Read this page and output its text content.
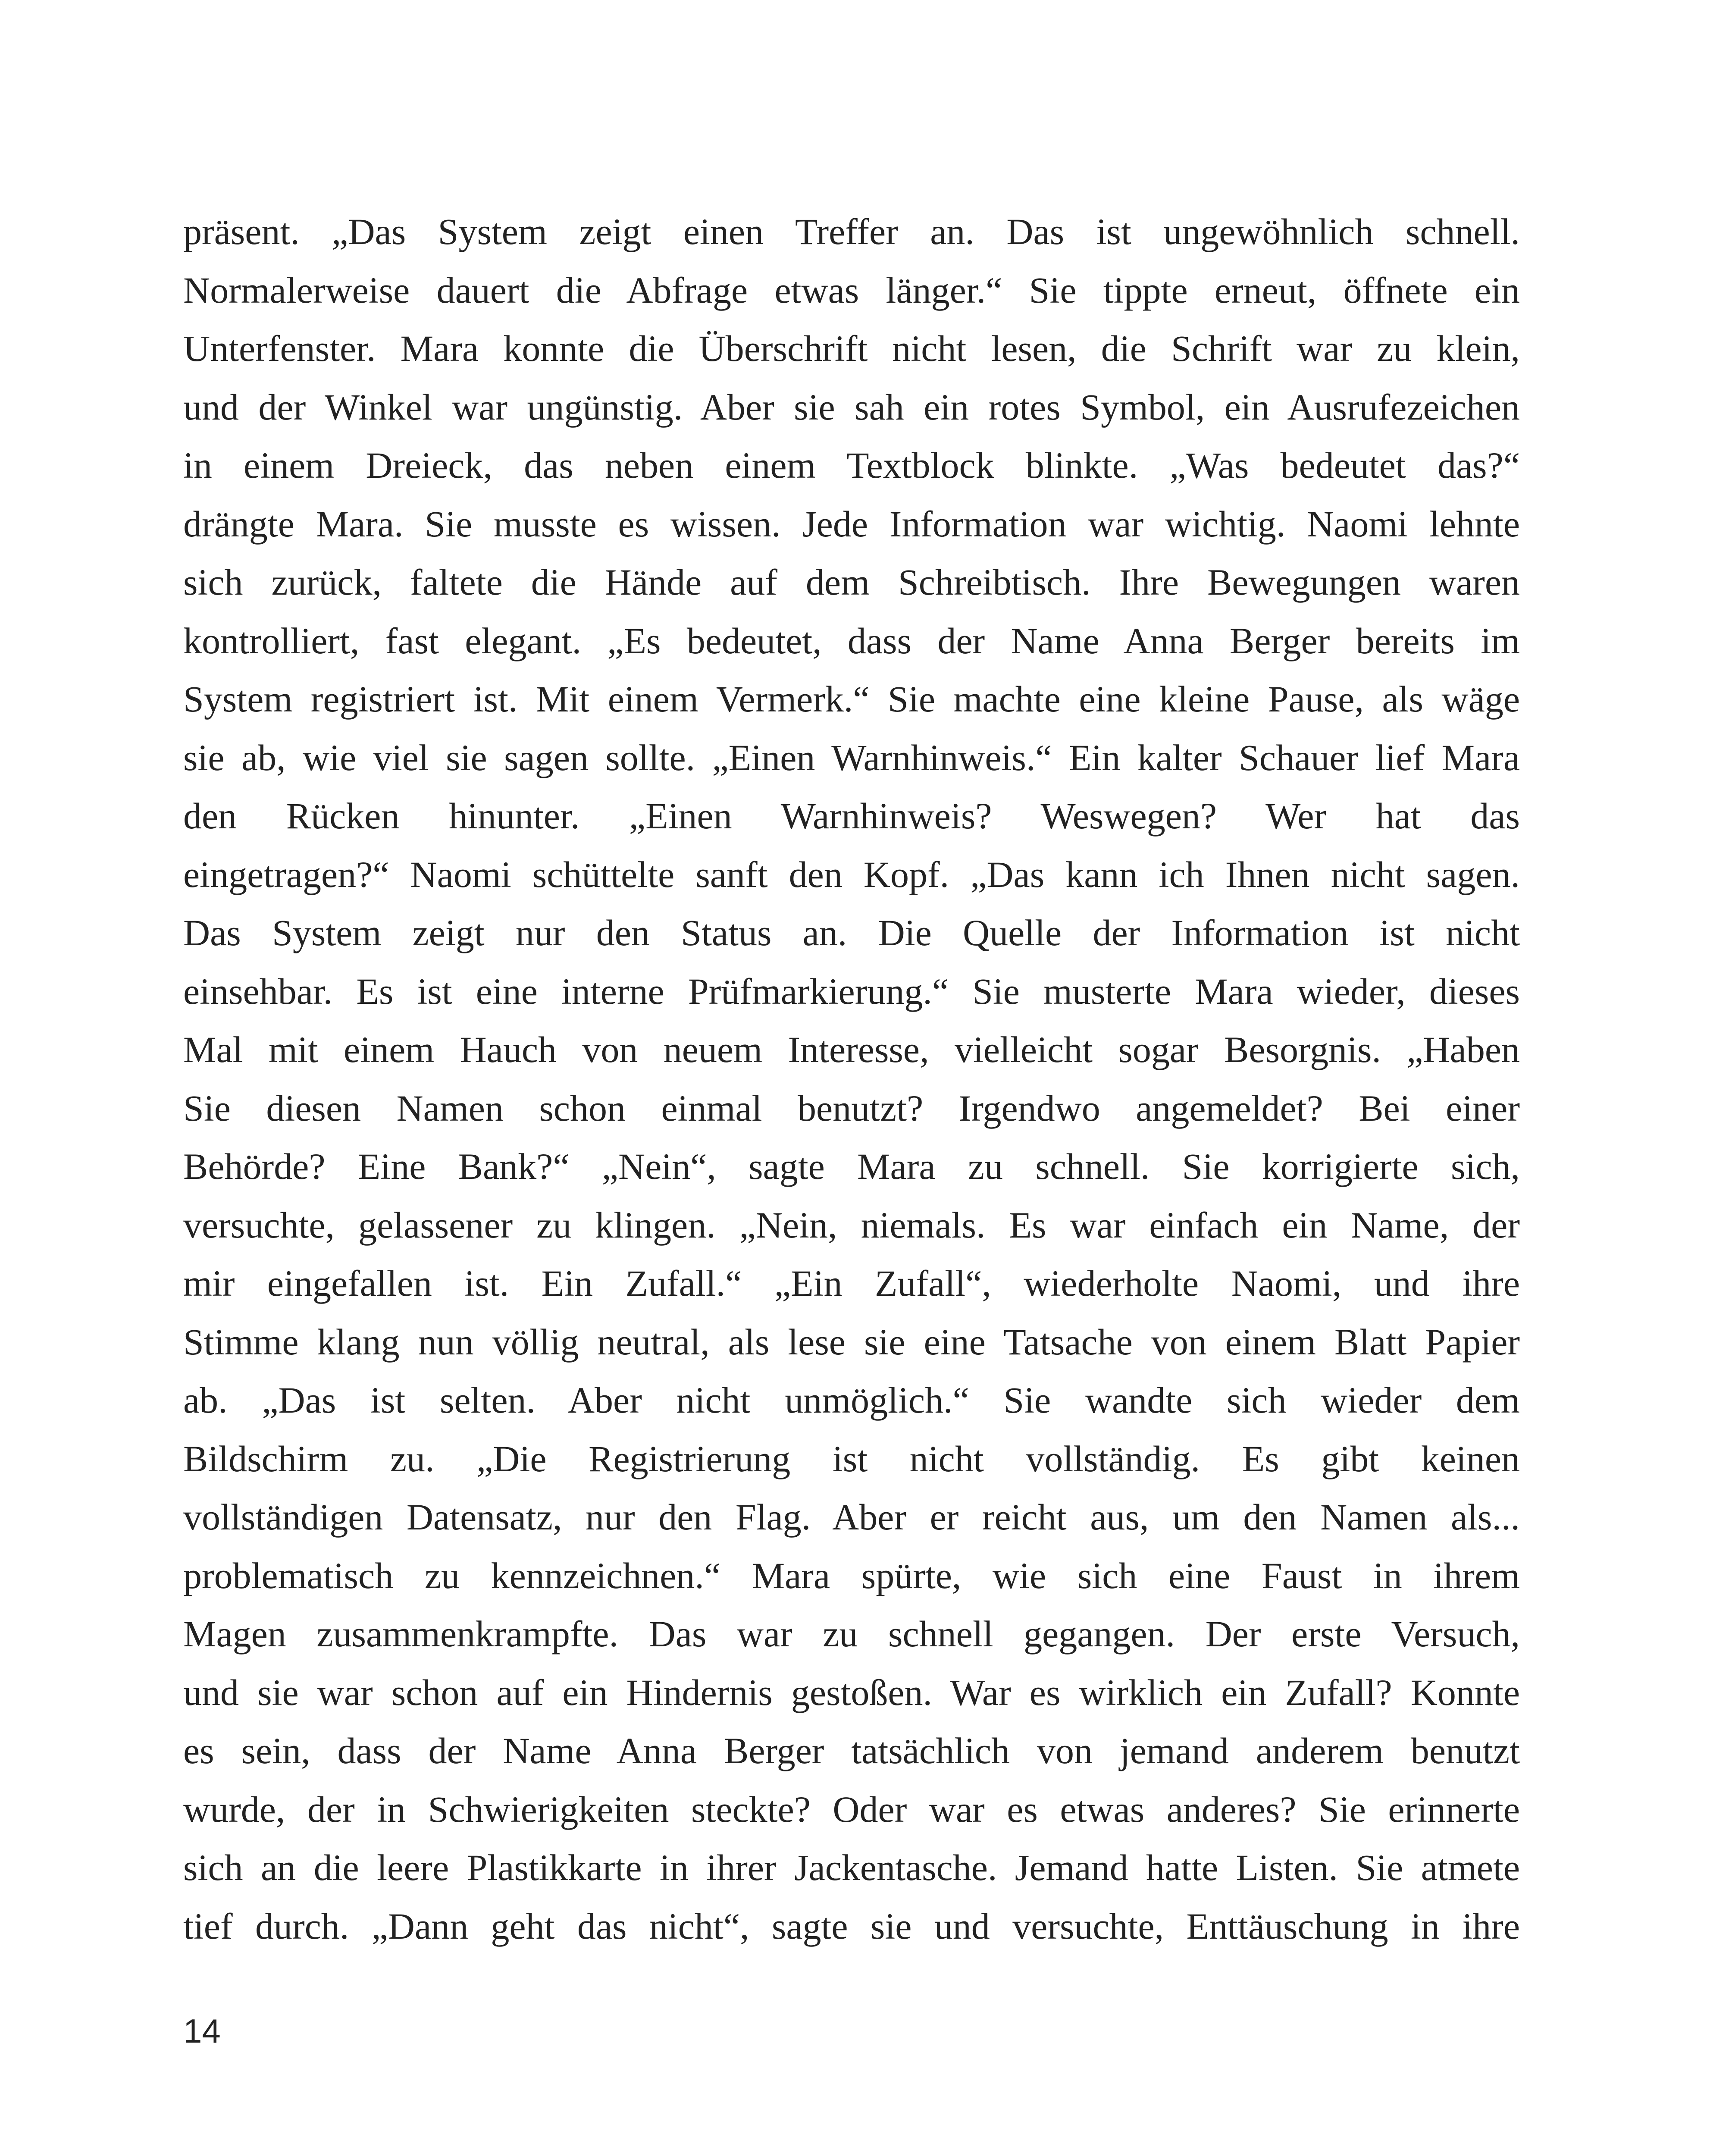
präsent. „Das System zeigt einen Treffer an. Das ist ungewöhnlich schnell.
Normalerweise dauert die Abfrage etwas länger.“ Sie tippte erneut, öffnete ein
Unterfenster. Mara konnte die Überschrift nicht lesen, die Schrift war zu klein,
und der Winkel war ungünstig. Aber sie sah ein rotes Symbol, ein Ausrufezeichen
in einem Dreieck, das neben einem Textblock blinkte. „Was bedeutet das?“
drängte Mara. Sie musste es wissen. Jede Information war wichtig. Naomi lehnte
sich zurück, faltete die Hände auf dem Schreibtisch. Ihre Bewegungen waren
kontrolliert, fast elegant. „Es bedeutet, dass der Name Anna Berger bereits im
System registriert ist. Mit einem Vermerk.“ Sie machte eine kleine Pause, als wäge
sie ab, wie viel sie sagen sollte. „Einen Warnhinweis.“ Ein kalter Schauer lief Mara
den Rücken hinunter. „Einen Warnhinweis? Weswegen? Wer hat das
eingetragen?“ Naomi schüttelte sanft den Kopf. „Das kann ich Ihnen nicht sagen.
Das System zeigt nur den Status an. Die Quelle der Information ist nicht
einsehbar. Es ist eine interne Prüfmarkierung.“ Sie musterte Mara wieder, dieses
Mal mit einem Hauch von neuem Interesse, vielleicht sogar Besorgnis. „Haben
Sie diesen Namen schon einmal benutzt? Irgendwo angemeldet? Bei einer
Behörde? Eine Bank?“ „Nein“, sagte Mara zu schnell. Sie korrigierte sich,
versuchte, gelassener zu klingen. „Nein, niemals. Es war einfach ein Name, der
mir eingefallen ist. Ein Zufall.“ „Ein Zufall“, wiederholte Naomi, und ihre
Stimme klang nun völlig neutral, als lese sie eine Tatsache von einem Blatt Papier
ab. „Das ist selten. Aber nicht unmöglich.“ Sie wandte sich wieder dem
Bildschirm zu. „Die Registrierung ist nicht vollständig. Es gibt keinen
vollständigen Datensatz, nur den Flag. Aber er reicht aus, um den Namen als...
problematisch zu kennzeichnen.“ Mara spürte, wie sich eine Faust in ihrem
Magen zusammenkrampfte. Das war zu schnell gegangen. Der erste Versuch,
und sie war schon auf ein Hindernis gestoßen. War es wirklich ein Zufall? Konnte
es sein, dass der Name Anna Berger tatsächlich von jemand anderem benutzt
wurde, der in Schwierigkeiten steckte? Oder war es etwas anderes? Sie erinnerte
sich an die leere Plastikkarte in ihrer Jackentasche. Jemand hatte Listen. Sie atmete
tief durch. „Dann geht das nicht“, sagte sie und versuchte, Enttäuschung in ihre
14
